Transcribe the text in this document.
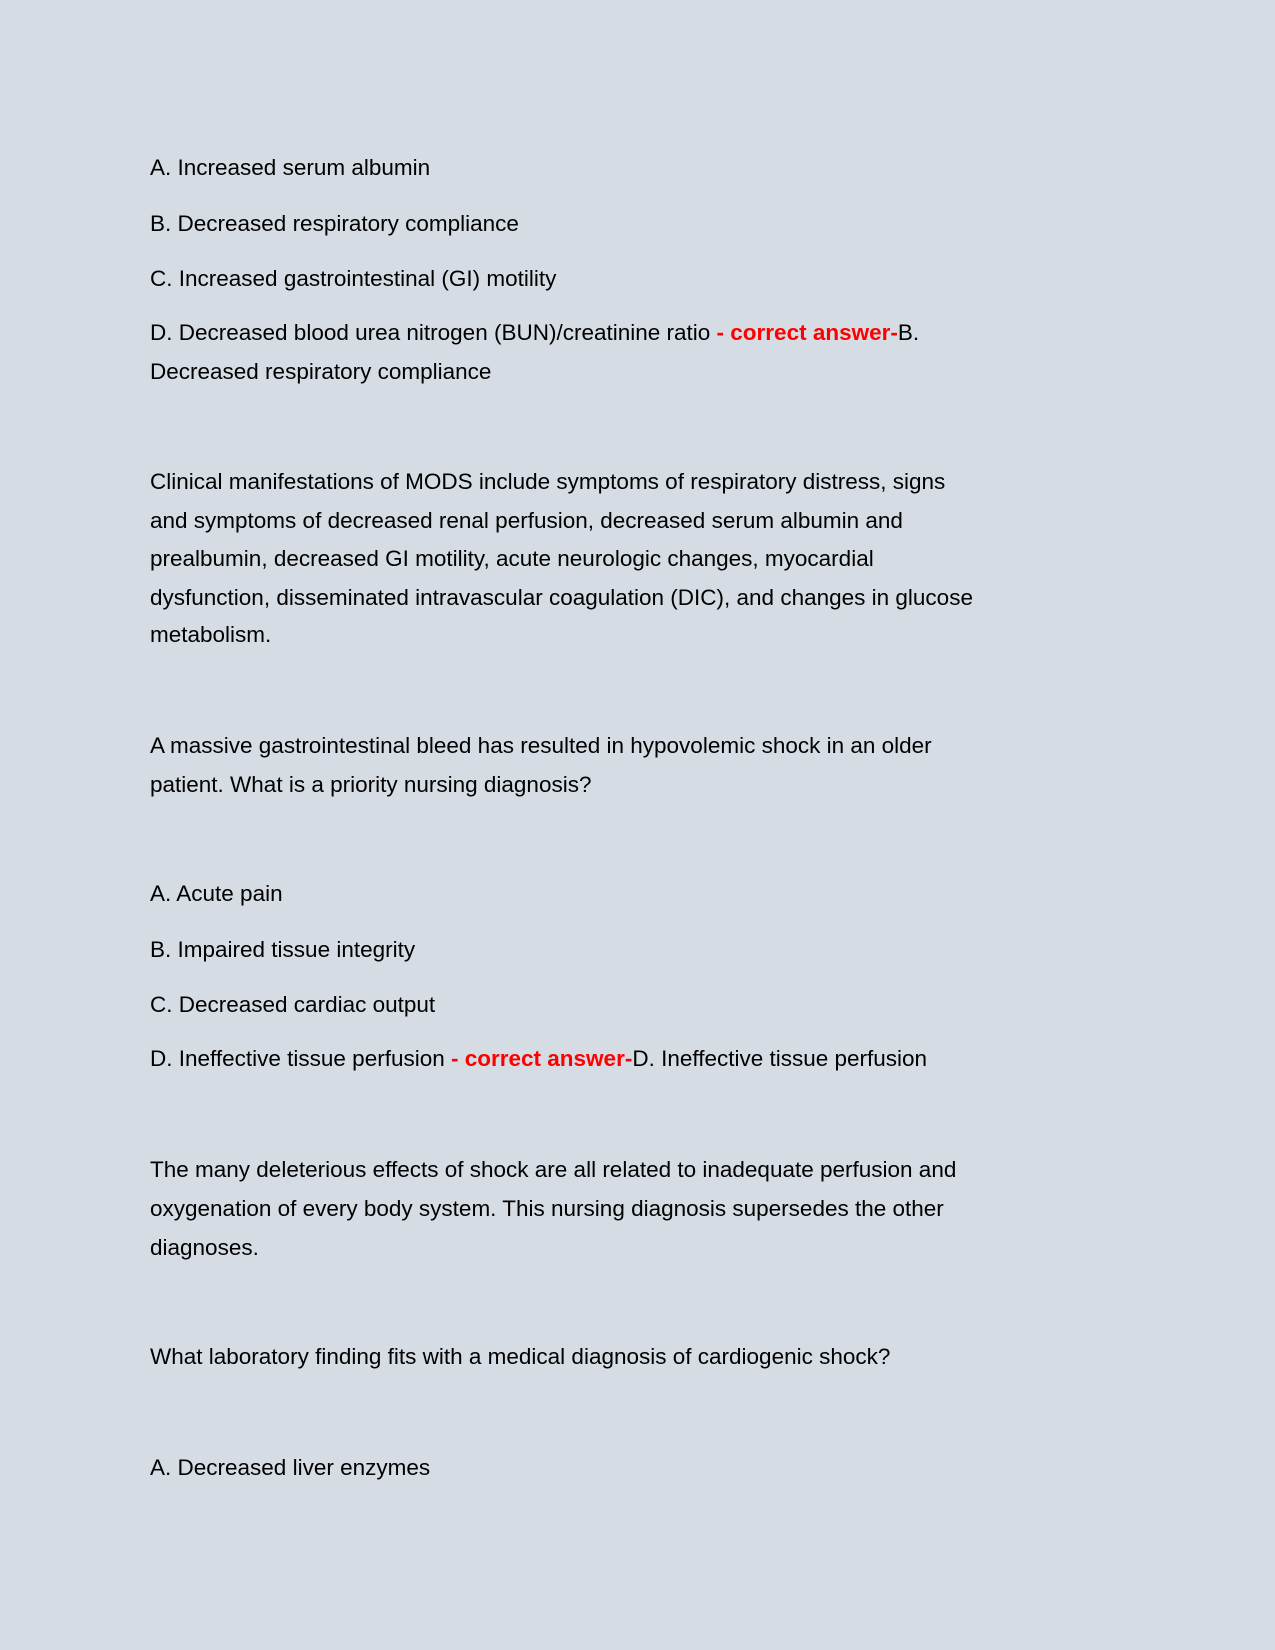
A. Increased serum albumin
B. Decreased respiratory compliance
C. Increased gastrointestinal (GI) motility
D. Decreased blood urea nitrogen (BUN)/creatinine ratio - correct answer-B.
Decreased respiratory compliance
Clinical manifestations of MODS include symptoms of respiratory distress, signs
and symptoms of decreased renal perfusion, decreased serum albumin and
prealbumin, decreased GI motility, acute neurologic changes, myocardial
dysfunction, disseminated intravascular coagulation (DIC), and changes in glucose
metabolism.
A massive gastrointestinal bleed has resulted in hypovolemic shock in an older
patient. What is a priority nursing diagnosis?
A. Acute pain
B. Impaired tissue integrity
C. Decreased cardiac output
D. Ineffective tissue perfusion - correct answer-D. Ineffective tissue perfusion
The many deleterious effects of shock are all related to inadequate perfusion and
oxygenation of every body system. This nursing diagnosis supersedes the other
diagnoses.
What laboratory finding fits with a medical diagnosis of cardiogenic shock?
A. Decreased liver enzymes
